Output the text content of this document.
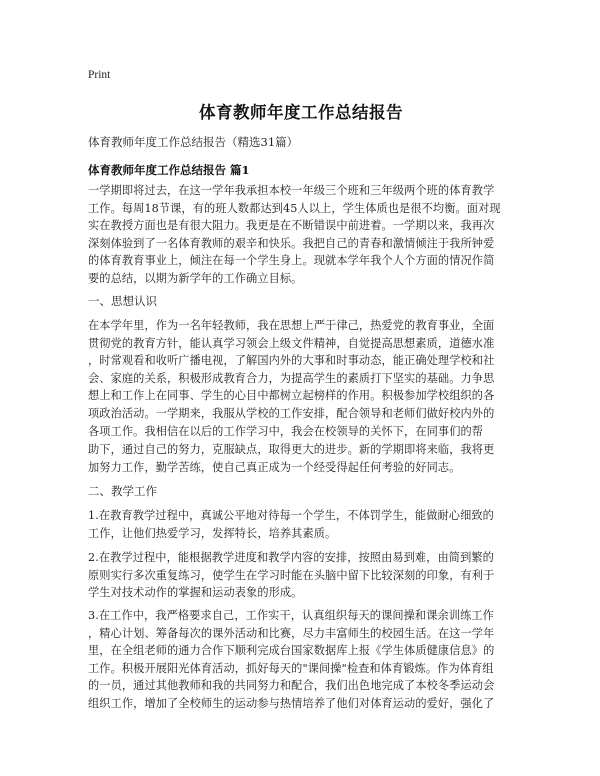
Print
体育教师年度工作总结报告
体育教师年度工作总结报告（精选31篇）
体育教师年度工作总结报告 篇1
一学期即将过去，在这一学年我承担本校一年级三个班和三年级两个班的体育教学
工作。每周18节课，有的班人数都达到45人以上，学生体质也是很不均衡。面对现
实在教授方面也是有很大阻力。我更是在不断错误中前进着。一学期以来，我再次
深刻体验到了一名体育教师的艰辛和快乐。我把自己的青春和激情倾注于我所钟爱
的体育教育事业上，倾注在每一个学生身上。现就本学年我个人个方面的情况作简
要的总结，以期为新学年的工作确立目标。
一、思想认识
在本学年里，作为一名年轻教师，我在思想上严于律己，热爱党的教育事业，全面
贯彻党的教育方针，能认真学习领会上级文件精神，自觉提高思想素质，道德水准
，时常观看和收听广播电视，了解国内外的大事和时事动态，能正确处理学校和社
会、家庭的关系，积极形成教育合力，为提高学生的素质打下坚实的基础。力争思
想上和工作上在同事、学生的心目中都树立起榜样的作用。积极参加学校组织的各
项政治活动。一学期来，我服从学校的工作安排，配合领导和老师们做好校内外的
各项工作。我相信在以后的工作学习中，我会在校领导的关怀下，在同事们的帮
助下，通过自己的努力，克服缺点，取得更大的进步。新的学期即将来临，我将更
加努力工作，勤学苦练，使自己真正成为一个经受得起任何考验的好同志。
二、教学工作
1.在教育教学过程中，真诚公平地对待每一个学生，不体罚学生，能做耐心细致的
工作，让他们热爱学习，发挥特长，培养其素质。
2.在教学过程中，能根据教学进度和教学内容的安排，按照由易到难，由简到繁的
原则实行多次重复练习，使学生在学习时能在头脑中留下比较深刻的印象，有利于
学生对技术动作的掌握和运动表象的形成。
3.在工作中，我严格要求自己，工作实干，认真组织每天的课间操和课余训练工作
，精心计划、筹备每次的课外活动和比赛，尽力丰富师生的校园生活。在这一学年
里，在全组老师的通力合作下顺利完成台国家数据库上报《学生体质健康信息》的
工作。积极开展阳光体育活动，抓好每天的"课间操"检查和体育锻炼。作为体育组
的一员，通过其他教师和我的共同努力和配合，我们出色地完成了本校冬季运动会
组织工作，增加了全校师生的运动参与热情培养了他们对体育运动的爱好，强化了
